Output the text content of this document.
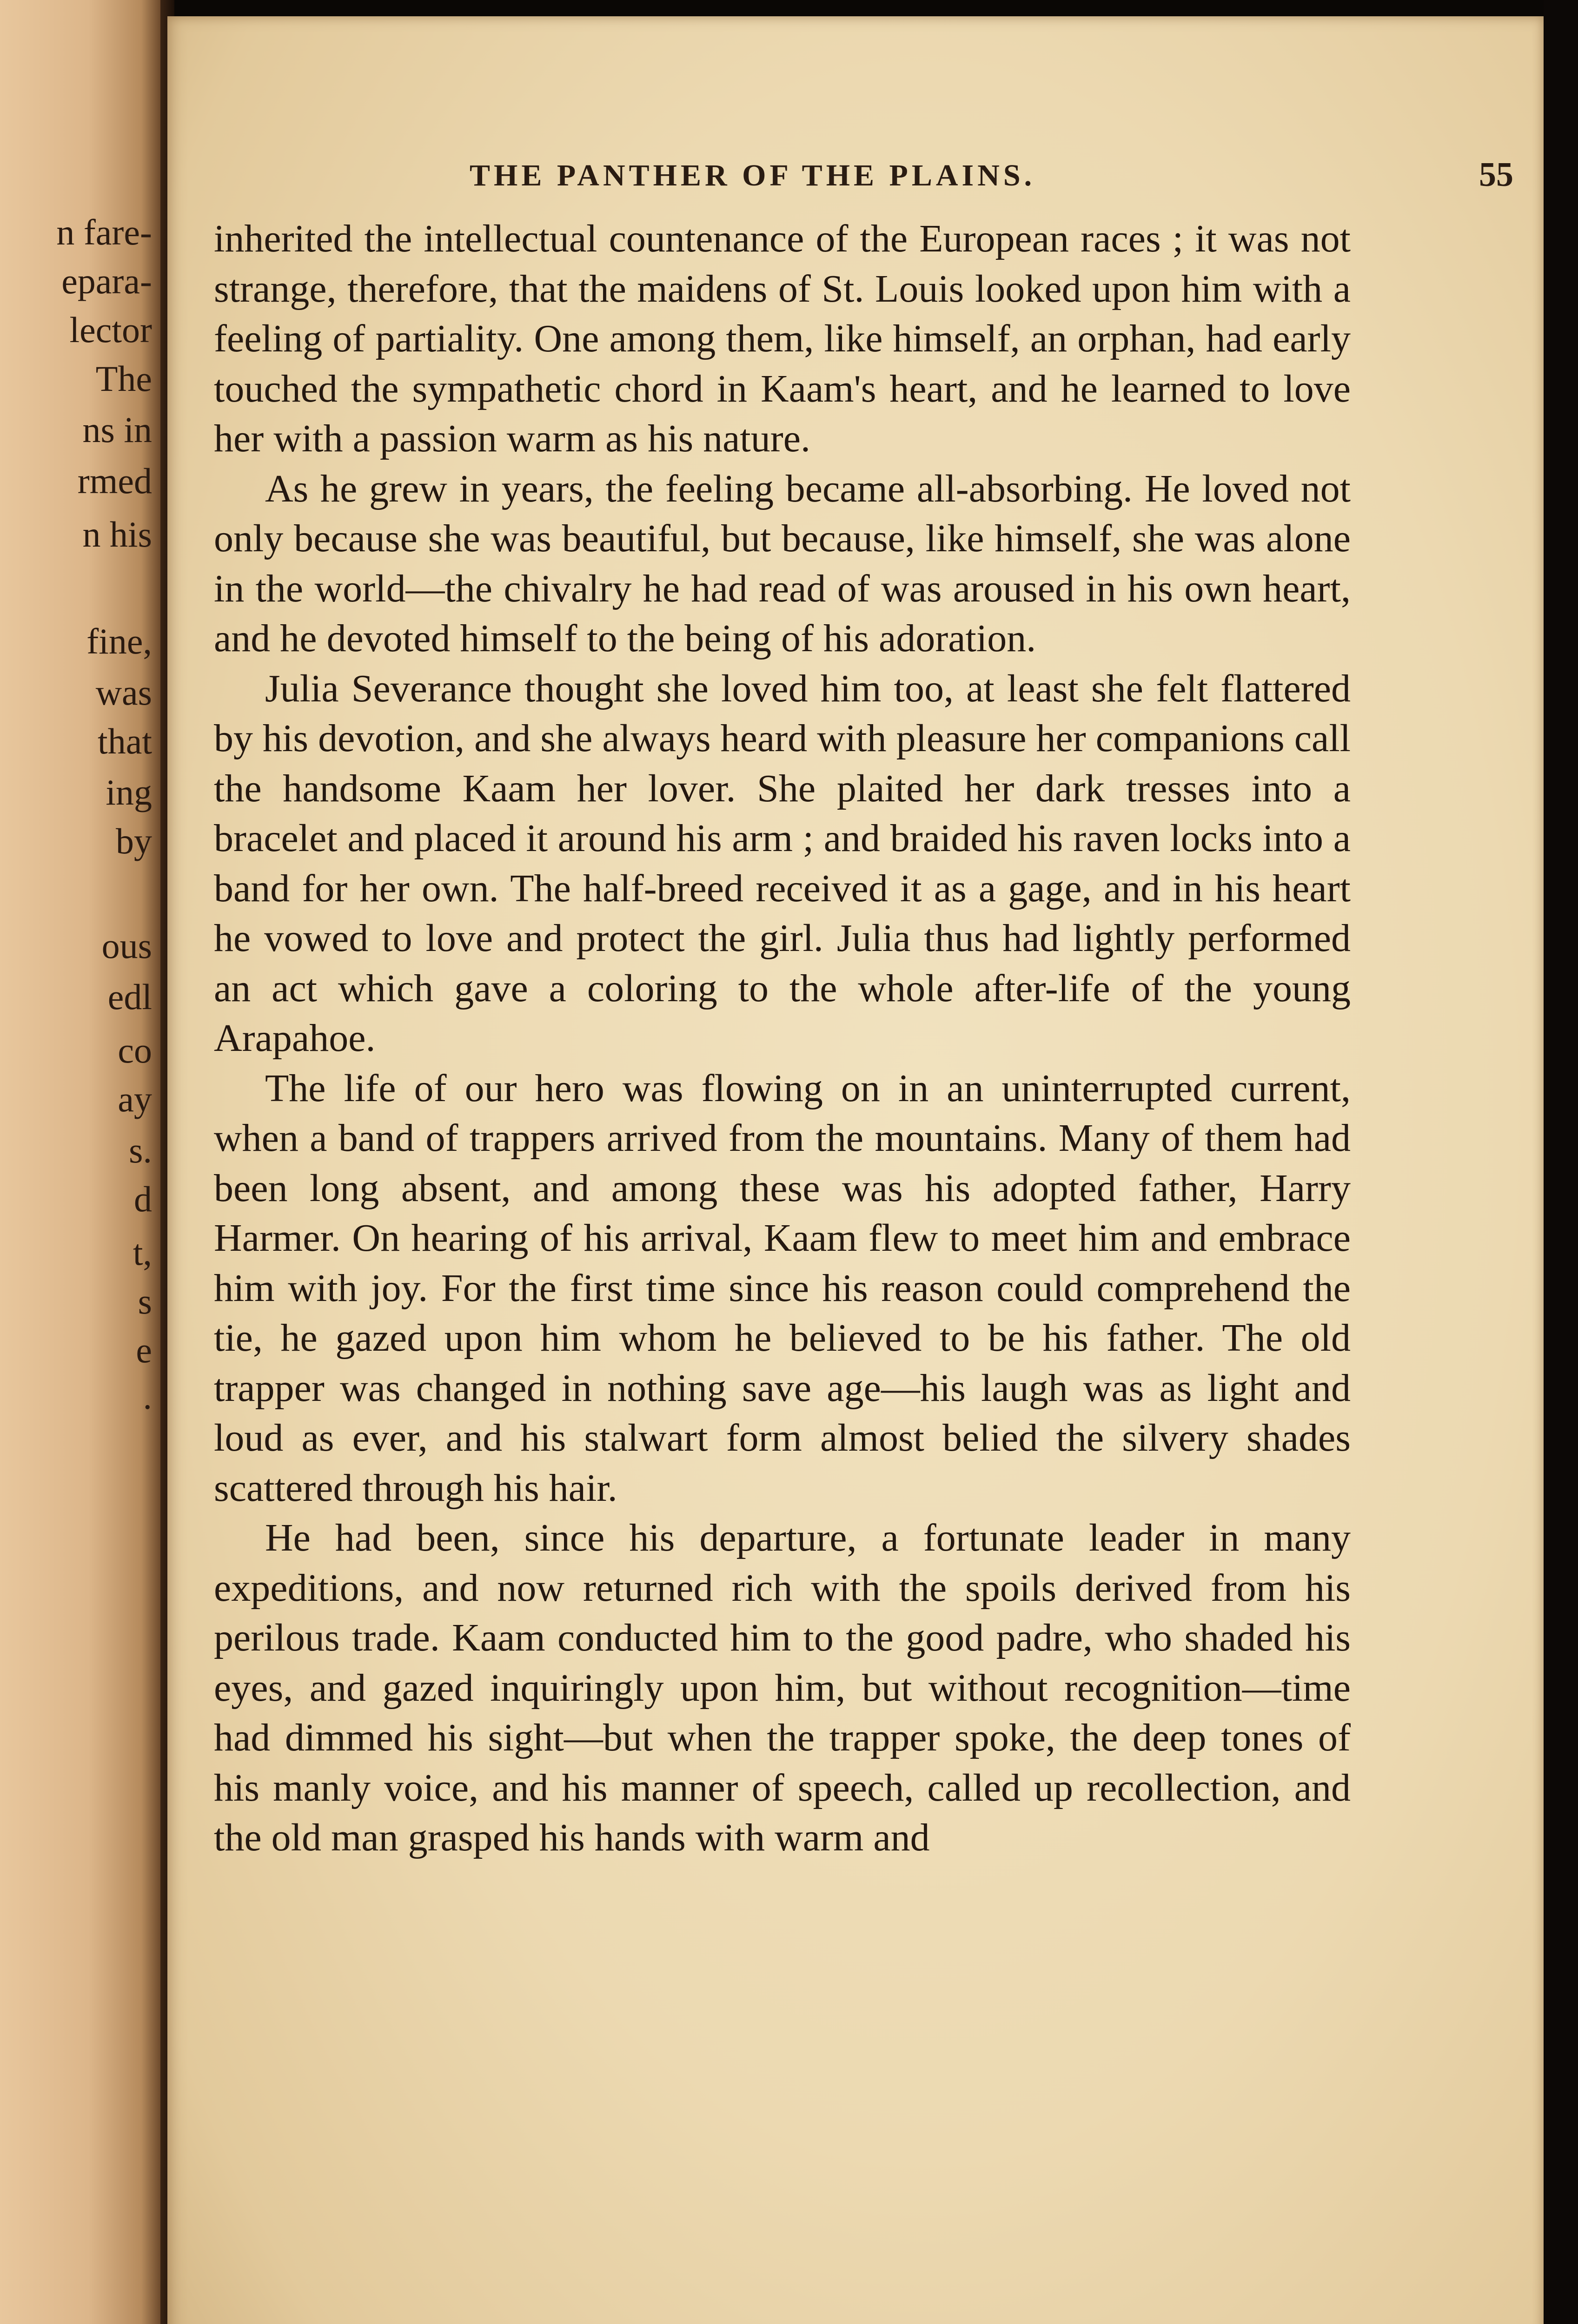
n fare-
epara-
lector
The
ns in
rmed
n his
fine,
was
that
ing
by
ous
edl
co
ay
s.
d
t,
s
e
.
THE PANTHER OF THE PLAINS.	55

inherited the intellectual countenance of the European races ; it was not strange, therefore, that the maidens of St. Louis looked upon him with a feeling of partiality. One among them, like himself, an orphan, had early touched the sympathetic chord in Kaam's heart, and he learned to love her with a passion warm as his nature.

As he grew in years, the feeling became all-absorbing. He loved not only because she was beautiful, but because, like himself, she was alone in the world—the chivalry he had read of was aroused in his own heart, and he devoted himself to the being of his adoration.

Julia Severance thought she loved him too, at least she felt flattered by his devotion, and she always heard with pleasure her companions call the handsome Kaam her lover. She plaited her dark tresses into a bracelet and placed it around his arm ; and braided his raven locks into a band for her own. The half-breed received it as a gage, and in his heart he vowed to love and protect the girl. Julia thus had lightly performed an act which gave a coloring to the whole after-life of the young Arapahoe.

The life of our hero was flowing on in an uninterrupted current, when a band of trappers arrived from the mountains. Many of them had been long absent, and among these was his adopted father, Harry Harmer. On hearing of his arrival, Kaam flew to meet him and embrace him with joy. For the first time since his reason could comprehend the tie, he gazed upon him whom he believed to be his father. The old trapper was changed in nothing save age—his laugh was as light and loud as ever, and his stalwart form almost belied the silvery shades scattered through his hair.

He had been, since his departure, a fortunate leader in many expeditions, and now returned rich with the spoils derived from his perilous trade. Kaam conducted him to the good padre, who shaded his eyes, and gazed inquiringly upon him, but without recognition—time had dimmed his sight—but when the trapper spoke, the deep tones of his manly voice, and his manner of speech, called up recollection, and the old man grasped his hands with warm and
